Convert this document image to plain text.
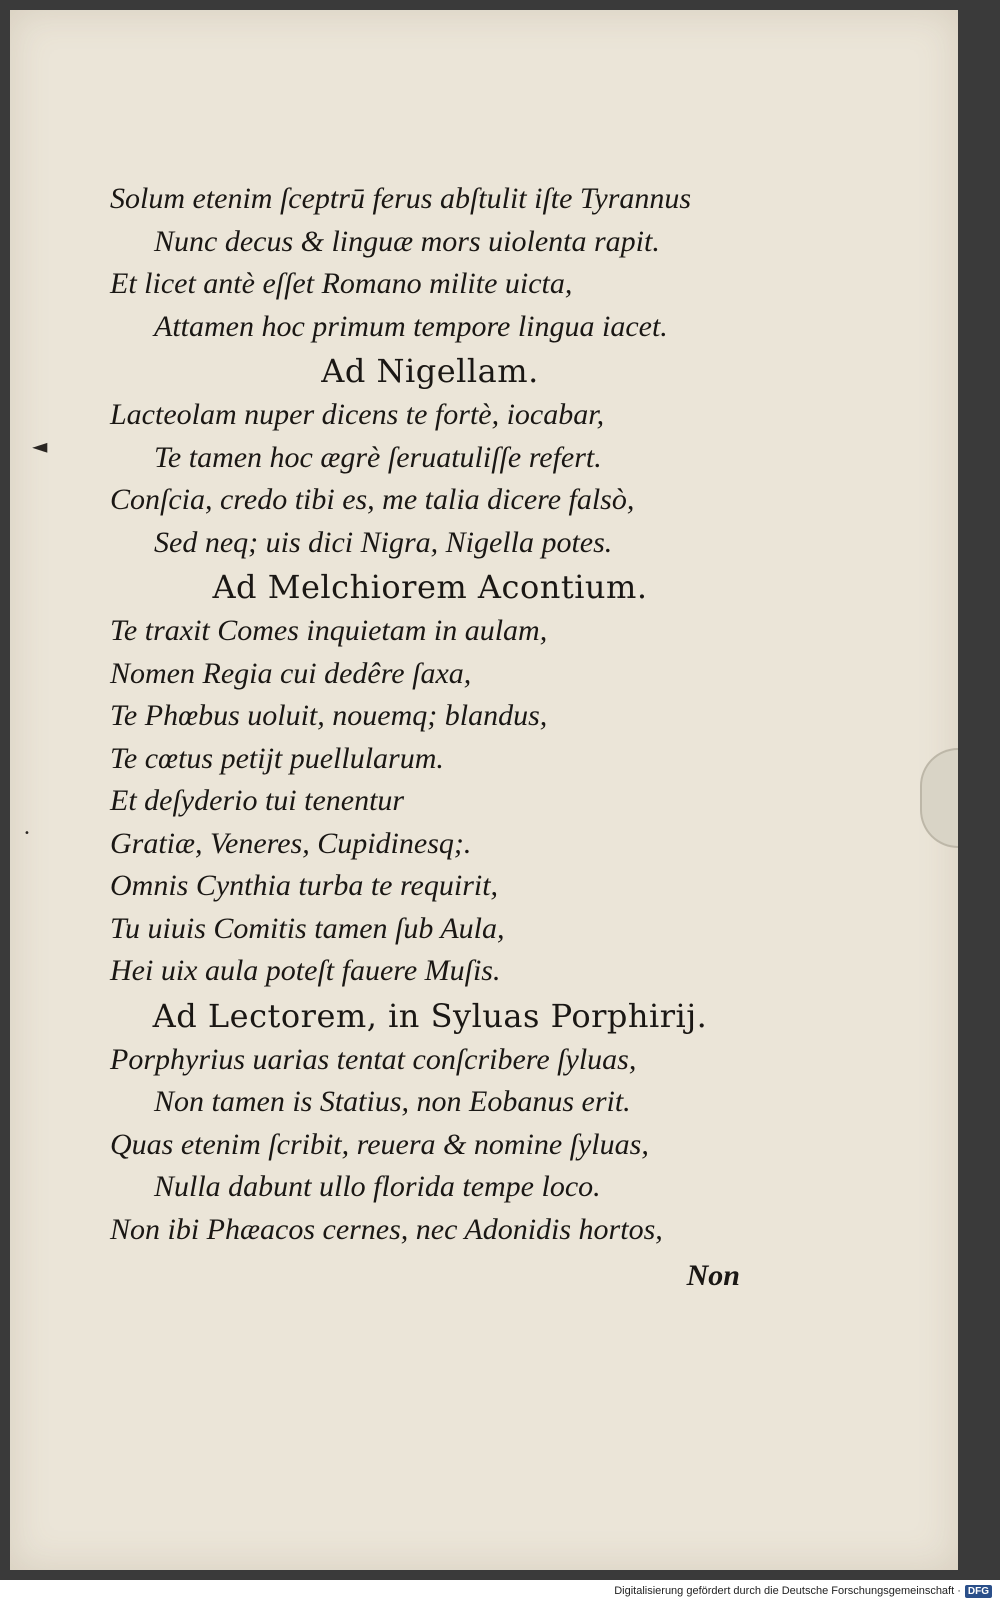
◄
•
Solum etenim ſceptrū ferus abſtulit iſte Tyrannus
Nunc decus & linguæ mors uiolenta rapit.
Et licet antè eſſet Romano milite uicta,
Attamen hoc primum tempore lingua iacet.
Ad Nigellam.
Lacteolam nuper dicens te fortè, iocabar,
Te tamen hoc ægrè ſeruatuliſſe refert.
Conſcia, credo tibi es, me talia dicere falsò,
Sed neq; uis dici Nigra, Nigella potes.
Ad Melchiorem Acontium.
Te traxit Comes inquietam in aulam,
Nomen Regia cui dedêre ſaxa,
Te Phœbus uoluit, nouemq; blandus,
Te cœtus petijt puellularum.
Et deſyderio tui tenentur
Gratiæ, Veneres, Cupidinesq;.
Omnis Cynthia turba te requirit,
Tu uiuis Comitis tamen ſub Aula,
Hei uix aula poteſt fauere Muſis.
Ad Lectorem, in Syluas Porphirij.
Porphyrius uarias tentat conſcribere ſyluas,
Non tamen is Statius, non Eobanus erit.
Quas etenim ſcribit, reuera & nomine ſyluas,
Nulla dabunt ullo florida tempe loco.
Non ibi Phæacos cernes, nec Adonidis hortos,
Non
Digitalisierung gefördert durch die Deutsche Forschungsgemeinschaft · DFG
